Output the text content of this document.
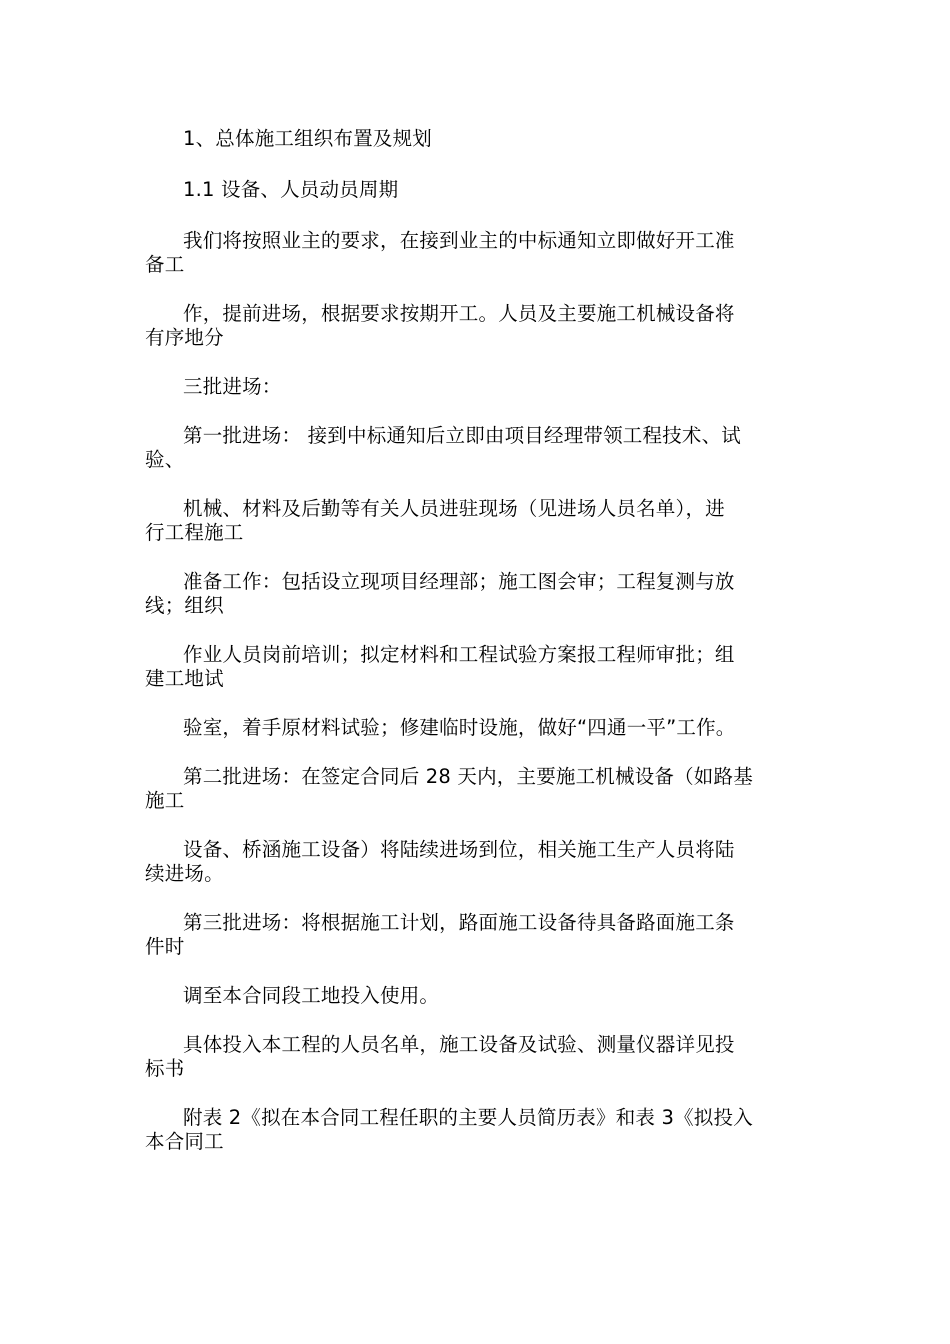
1、总体施工组织布置及规划
1.1 设备、人员动员周期
我们将按照业主的要求，在接到业主的中标通知立即做好开工准
备工
作，提前进场，根据要求按期开工。人员及主要施工机械设备将
有序地分
三批进场：
第一批进场： 接到中标通知后立即由项目经理带领工程技术、试
验、
机械、材料及后勤等有关人员进驻现场（见进场人员名单），进
行工程施工
准备工作：包括设立现项目经理部；施工图会审；工程复测与放
线；组织
作业人员岗前培训；拟定材料和工程试验方案报工程师审批；组
建工地试
验室，着手原材料试验；修建临时设施，做好“四通一平”工作。
第二批进场：在签定合同后 28 天内，主要施工机械设备（如路基
施工
设备、桥涵施工设备）将陆续进场到位，相关施工生产人员将陆
续进场。
第三批进场：将根据施工计划，路面施工设备待具备路面施工条
件时
调至本合同段工地投入使用。
具体投入本工程的人员名单，施工设备及试验、测量仪器详见投
标书
附表 2《拟在本合同工程任职的主要人员简历表》和表 3《拟投入
本合同工
